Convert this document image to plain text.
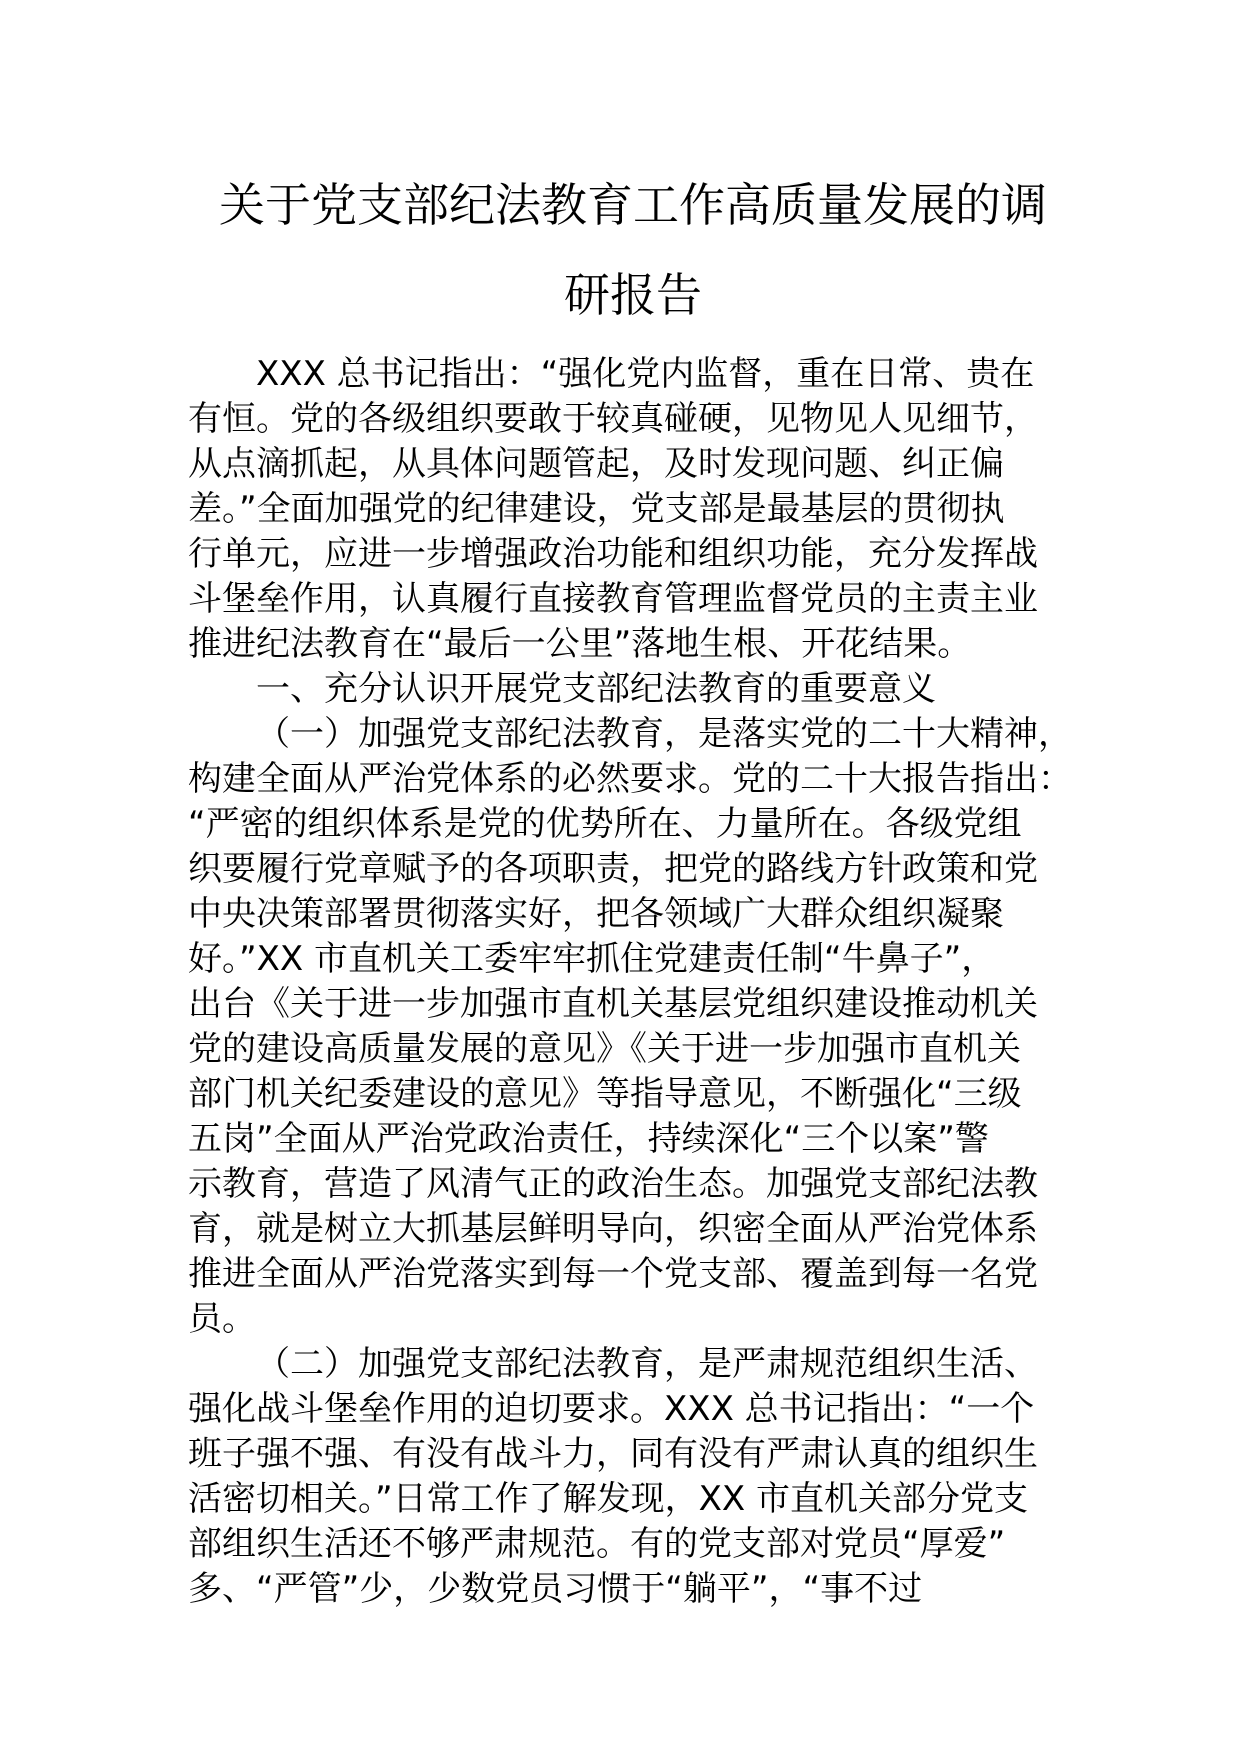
关于党支部纪法教育工作高质量发展的调
研报告

XXX 总书记指出：“强化党内监督，重在日常、贵在
有恒。党的各级组织要敢于较真碰硬，见物见人见细节，
从点滴抓起，从具体问题管起，及时发现问题、纠正偏
差。”全面加强党的纪律建设，党支部是最基层的贯彻执
行单元，应进一步增强政治功能和组织功能，充分发挥战
斗堡垒作用，认真履行直接教育管理监督党员的主责主业
推进纪法教育在“最后一公里”落地生根、开花结果。

一、充分认识开展党支部纪法教育的重要意义

（一）加强党支部纪法教育，是落实党的二十大精神，
构建全面从严治党体系的必然要求。党的二十大报告指出：
“严密的组织体系是党的优势所在、力量所在。各级党组
织要履行党章赋予的各项职责，把党的路线方针政策和党
中央决策部署贯彻落实好，把各领域广大群众组织凝聚
好。”XX 市直机关工委牢牢抓住党建责任制“牛鼻子”，
出台《关于进一步加强市直机关基层党组织建设推动机关
党的建设高质量发展的意见》《关于进一步加强市直机关
部门机关纪委建设的意见》等指导意见，不断强化“三级
五岗”全面从严治党政治责任，持续深化“三个以案”警
示教育，营造了风清气正的政治生态。加强党支部纪法教
育，就是树立大抓基层鲜明导向，织密全面从严治党体系
推进全面从严治党落实到每一个党支部、覆盖到每一名党
员。

（二）加强党支部纪法教育，是严肃规范组织生活、
强化战斗堡垒作用的迫切要求。XXX 总书记指出：“一个
班子强不强、有没有战斗力，同有没有严肃认真的组织生
活密切相关。”日常工作了解发现，XX 市直机关部分党支
部组织生活还不够严肃规范。有的党支部对党员“厚爱”
多、“严管”少，少数党员习惯于“躺平”，“事不过
